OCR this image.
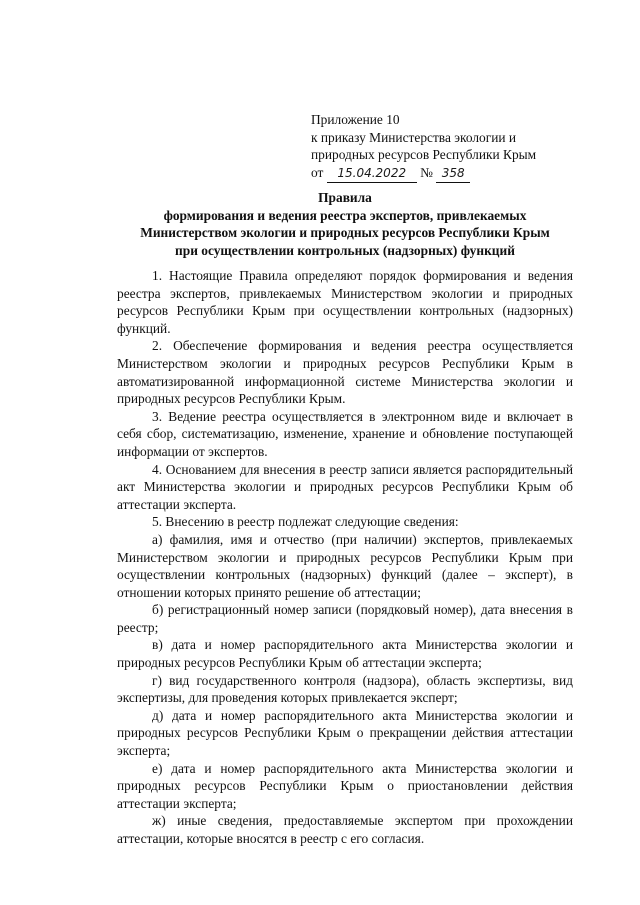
Приложение 10
к приказу Министерства экологии и
природных ресурсов Республики Крым
от 15.04.2022 № 358
Правила
формирования и ведения реестра экспертов, привлекаемых
Министерством экологии и природных ресурсов Республики Крым
при осуществлении контрольных (надзорных) функций

1. Настоящие Правила определяют порядок формирования и ведения реестра экспертов, привлекаемых Министерством экологии и природных ресурсов Республики Крым при осуществлении контрольных (надзорных) функций.

2. Обеспечение формирования и ведения реестра осуществляется Министерством экологии и природных ресурсов Республики Крым в автоматизированной информационной системе Министерства экологии и природных ресурсов Республики Крым.

3. Ведение реестра осуществляется в электронном виде и включает в себя сбор, систематизацию, изменение, хранение и обновление поступающей информации от экспертов.

4. Основанием для внесения в реестр записи является распорядительный акт Министерства экологии и природных ресурсов Республики Крым об аттестации эксперта.

5. Внесению в реестр подлежат следующие сведения:

а) фамилия, имя и отчество (при наличии) экспертов, привлекаемых Министерством экологии и природных ресурсов Республики Крым при осуществлении контрольных (надзорных) функций (далее – эксперт), в отношении которых принято решение об аттестации;

б) регистрационный номер записи (порядковый номер), дата внесения в реестр;

в) дата и номер распорядительного акта Министерства экологии и природных ресурсов Республики Крым об аттестации эксперта;

г) вид государственного контроля (надзора), область экспертизы, вид экспертизы, для проведения которых привлекается эксперт;

д) дата и номер распорядительного акта Министерства экологии и природных ресурсов Республики Крым о прекращении действия аттестации эксперта;

е) дата и номер распорядительного акта Министерства экологии и природных ресурсов Республики Крым о приостановлении действия аттестации эксперта;

ж) иные сведения, предоставляемые экспертом при прохождении аттестации, которые вносятся в реестр с его согласия.
